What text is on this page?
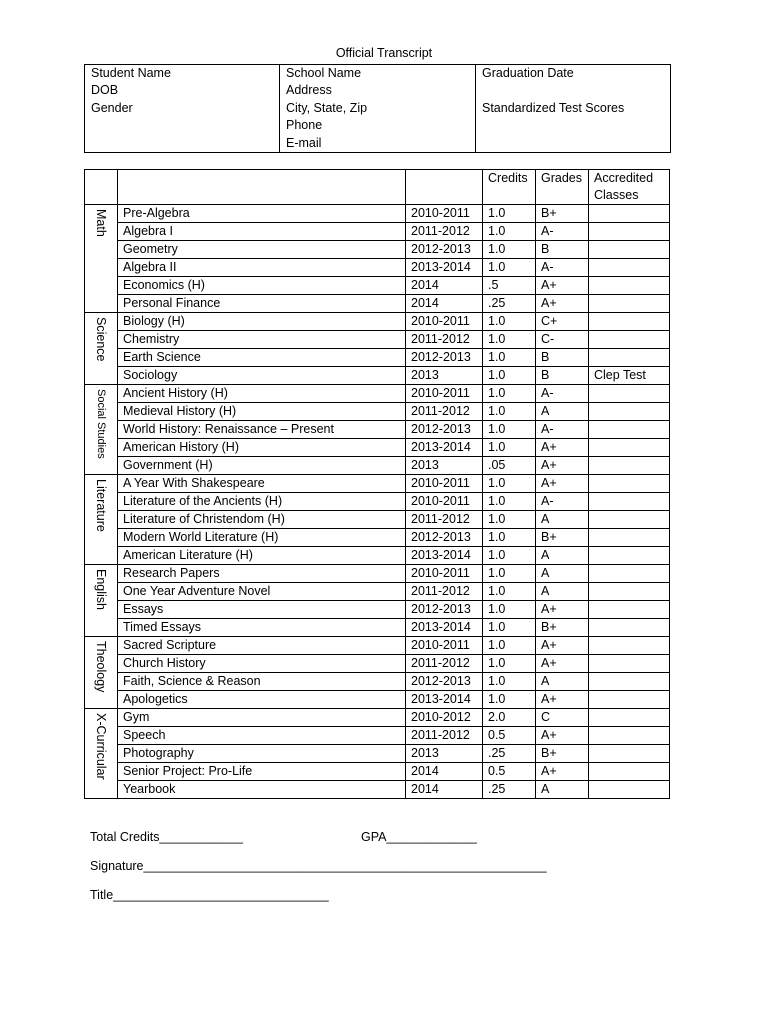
Official Transcript
Student Name
DOB
Gender

School Name
Address
City, State, Zip
Phone
E-mail

Graduation Date
Standardized Test Scores
			Credits	Grades	Accredited
Classes

Math	Pre-Algebra	2010-2011	1.0	B+	
	Algebra I	2011-2012	1.0	A-	
	Geometry	2012-2013	1.0	B	
	Algebra II	2013-2014	1.0	A-	
	Economics (H)	2014	.5	A+	
	Personal Finance	2014	.25	A+	

Science	Biology (H)	2010-2011	1.0	C+	
	Chemistry	2011-2012	1.0	C-	
	Earth Science	2012-2013	1.0	B	
	Sociology	2013	1.0	B	Clep Test

Social Studies	Ancient History (H)	2010-2011	1.0	A-	
	Medieval History (H)	2011-2012	1.0	A	
	World History: Renaissance – Present	2012-2013	1.0	A-	
	American History (H)	2013-2014	1.0	A+	
	Government (H)	2013	.05	A+	

Literature	A Year With Shakespeare	2010-2011	1.0	A+	
	Literature of the Ancients (H)	2010-2011	1.0	A-	
	Literature of Christendom (H)	2011-2012	1.0	A	
	Modern World Literature (H)	2012-2013	1.0	B+	
	American Literature (H)	2013-2014	1.0	A	

English	Research Papers	2010-2011	1.0	A	
	One Year Adventure Novel	2011-2012	1.0	A	
	Essays	2012-2013	1.0	A+	
	Timed Essays	2013-2014	1.0	B+	

Theology	Sacred Scripture	2010-2011	1.0	A+	
	Church History	2011-2012	1.0	A+	
	Faith, Science & Reason	2012-2013	1.0	A	
	Apologetics	2013-2014	1.0	A+	

X-Curricular	Gym	2010-2012	2.0	C	
	Speech	2011-2012	0.5	A+	
	Photography	2013	.25	B+	
	Senior Project: Pro-Life	2014	0.5	A+	
	Yearbook	2014	.25	A	
Total Credits____________	GPA_____________
Signature__________________________________________________________
Title_______________________________
